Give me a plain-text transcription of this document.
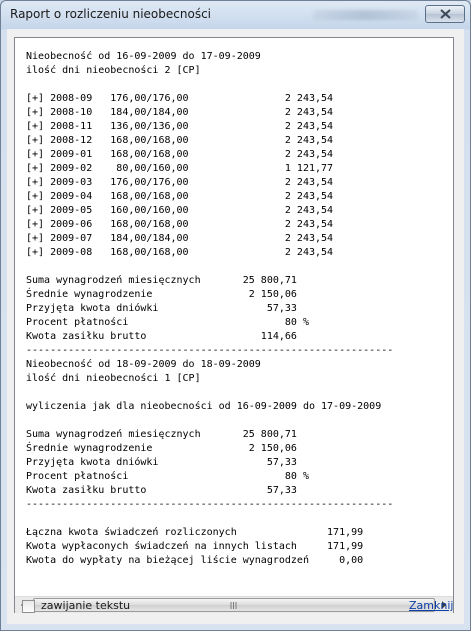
Raport o rozliczeniu nieobecności
Nieobecność od 16-09-2009 do 17-09-2009
ilość dni nieobecności 2 [CP]
[+] 2008-09   176,00/176,00                2 243,54
[+] 2008-10   184,00/184,00                2 243,54
[+] 2008-11   136,00/136,00                2 243,54
[+] 2008-12   168,00/168,00                2 243,54
[+] 2009-01   168,00/168,00                2 243,54
[+] 2009-02    80,00/160,00                1 121,77
[+] 2009-03   176,00/176,00                2 243,54
[+] 2009-04   168,00/168,00                2 243,54
[+] 2009-05   160,00/160,00                2 243,54
[+] 2009-06   168,00/168,00                2 243,54
[+] 2009-07   184,00/184,00                2 243,54
[+] 2009-08   168,00/168,00                2 243,54
Suma wynagrodzeń miesięcznych       25 800,71
Średnie wynagrodzenie                2 150,06
Przyjęta kwota dniówki                  57,33
Procent płatności                          80 %
Kwota zasiłku brutto                   114,66
-------------------------------------------------------------
Nieobecność od 18-09-2009 do 18-09-2009
ilość dni nieobecności 1 [CP]
wyliczenia jak dla nieobecności od 16-09-2009 do 17-09-2009
Suma wynagrodzeń miesięcznych       25 800,71
Średnie wynagrodzenie                2 150,06
Przyjęta kwota dniówki                  57,33
Procent płatności                          80 %
Kwota zasiłku brutto                    57,33
-------------------------------------------------------------
Łączna kwota świadczeń rozliczonych               171,99
Kwota wypłaconych świadczeń na innych listach     171,99
Kwota do wypłaty na bieżącej liście wynagrodzeń     0,00
zawijanie tekstu	Zamknij
